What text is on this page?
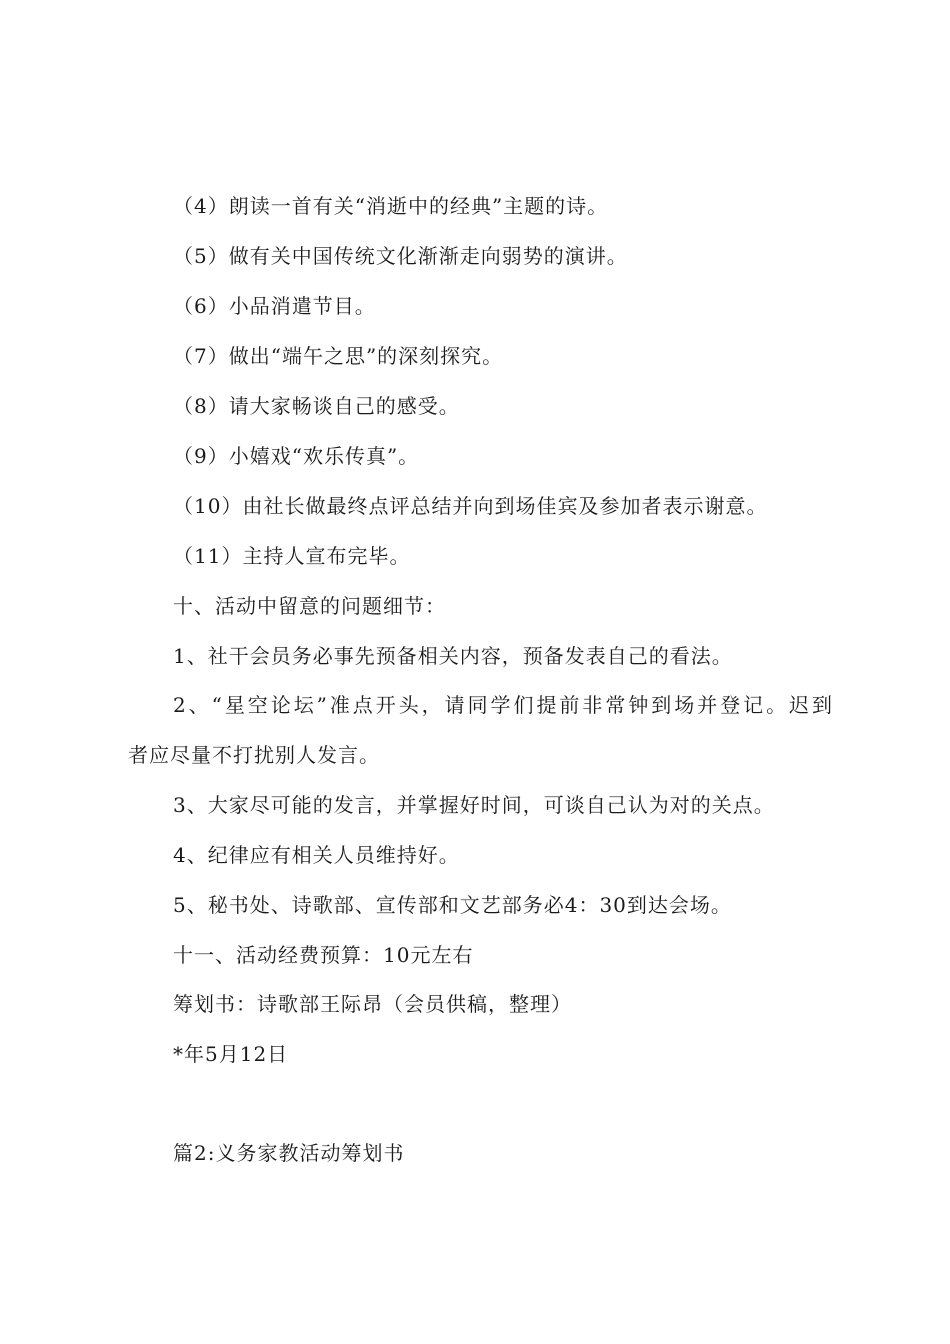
（4）朗读一首有关“消逝中的经典”主题的诗。
（5）做有关中国传统文化渐渐走向弱势的演讲。
（6）小品消遣节目。
（7）做出“端午之思”的深刻探究。
（8）请大家畅谈自己的感受。
（9）小嬉戏“欢乐传真”。
（10）由社长做最终点评总结并向到场佳宾及参加者表示谢意。
（11）主持人宣布完毕。
十、活动中留意的问题细节：
1、社干会员务必事先预备相关内容，预备发表自己的看法。
2、“星空论坛”准点开头，请同学们提前非常钟到场并登记。迟到
者应尽量不打扰别人发言。
3、大家尽可能的发言，并掌握好时间，可谈自己认为对的关点。
4、纪律应有相关人员维持好。
5、秘书处、诗歌部、宣传部和文艺部务必4：30到达会场。
十一、活动经费预算：10元左右
筹划书：诗歌部王际昂（会员供稿，整理）
*年5月12日
篇2:义务家教活动筹划书
